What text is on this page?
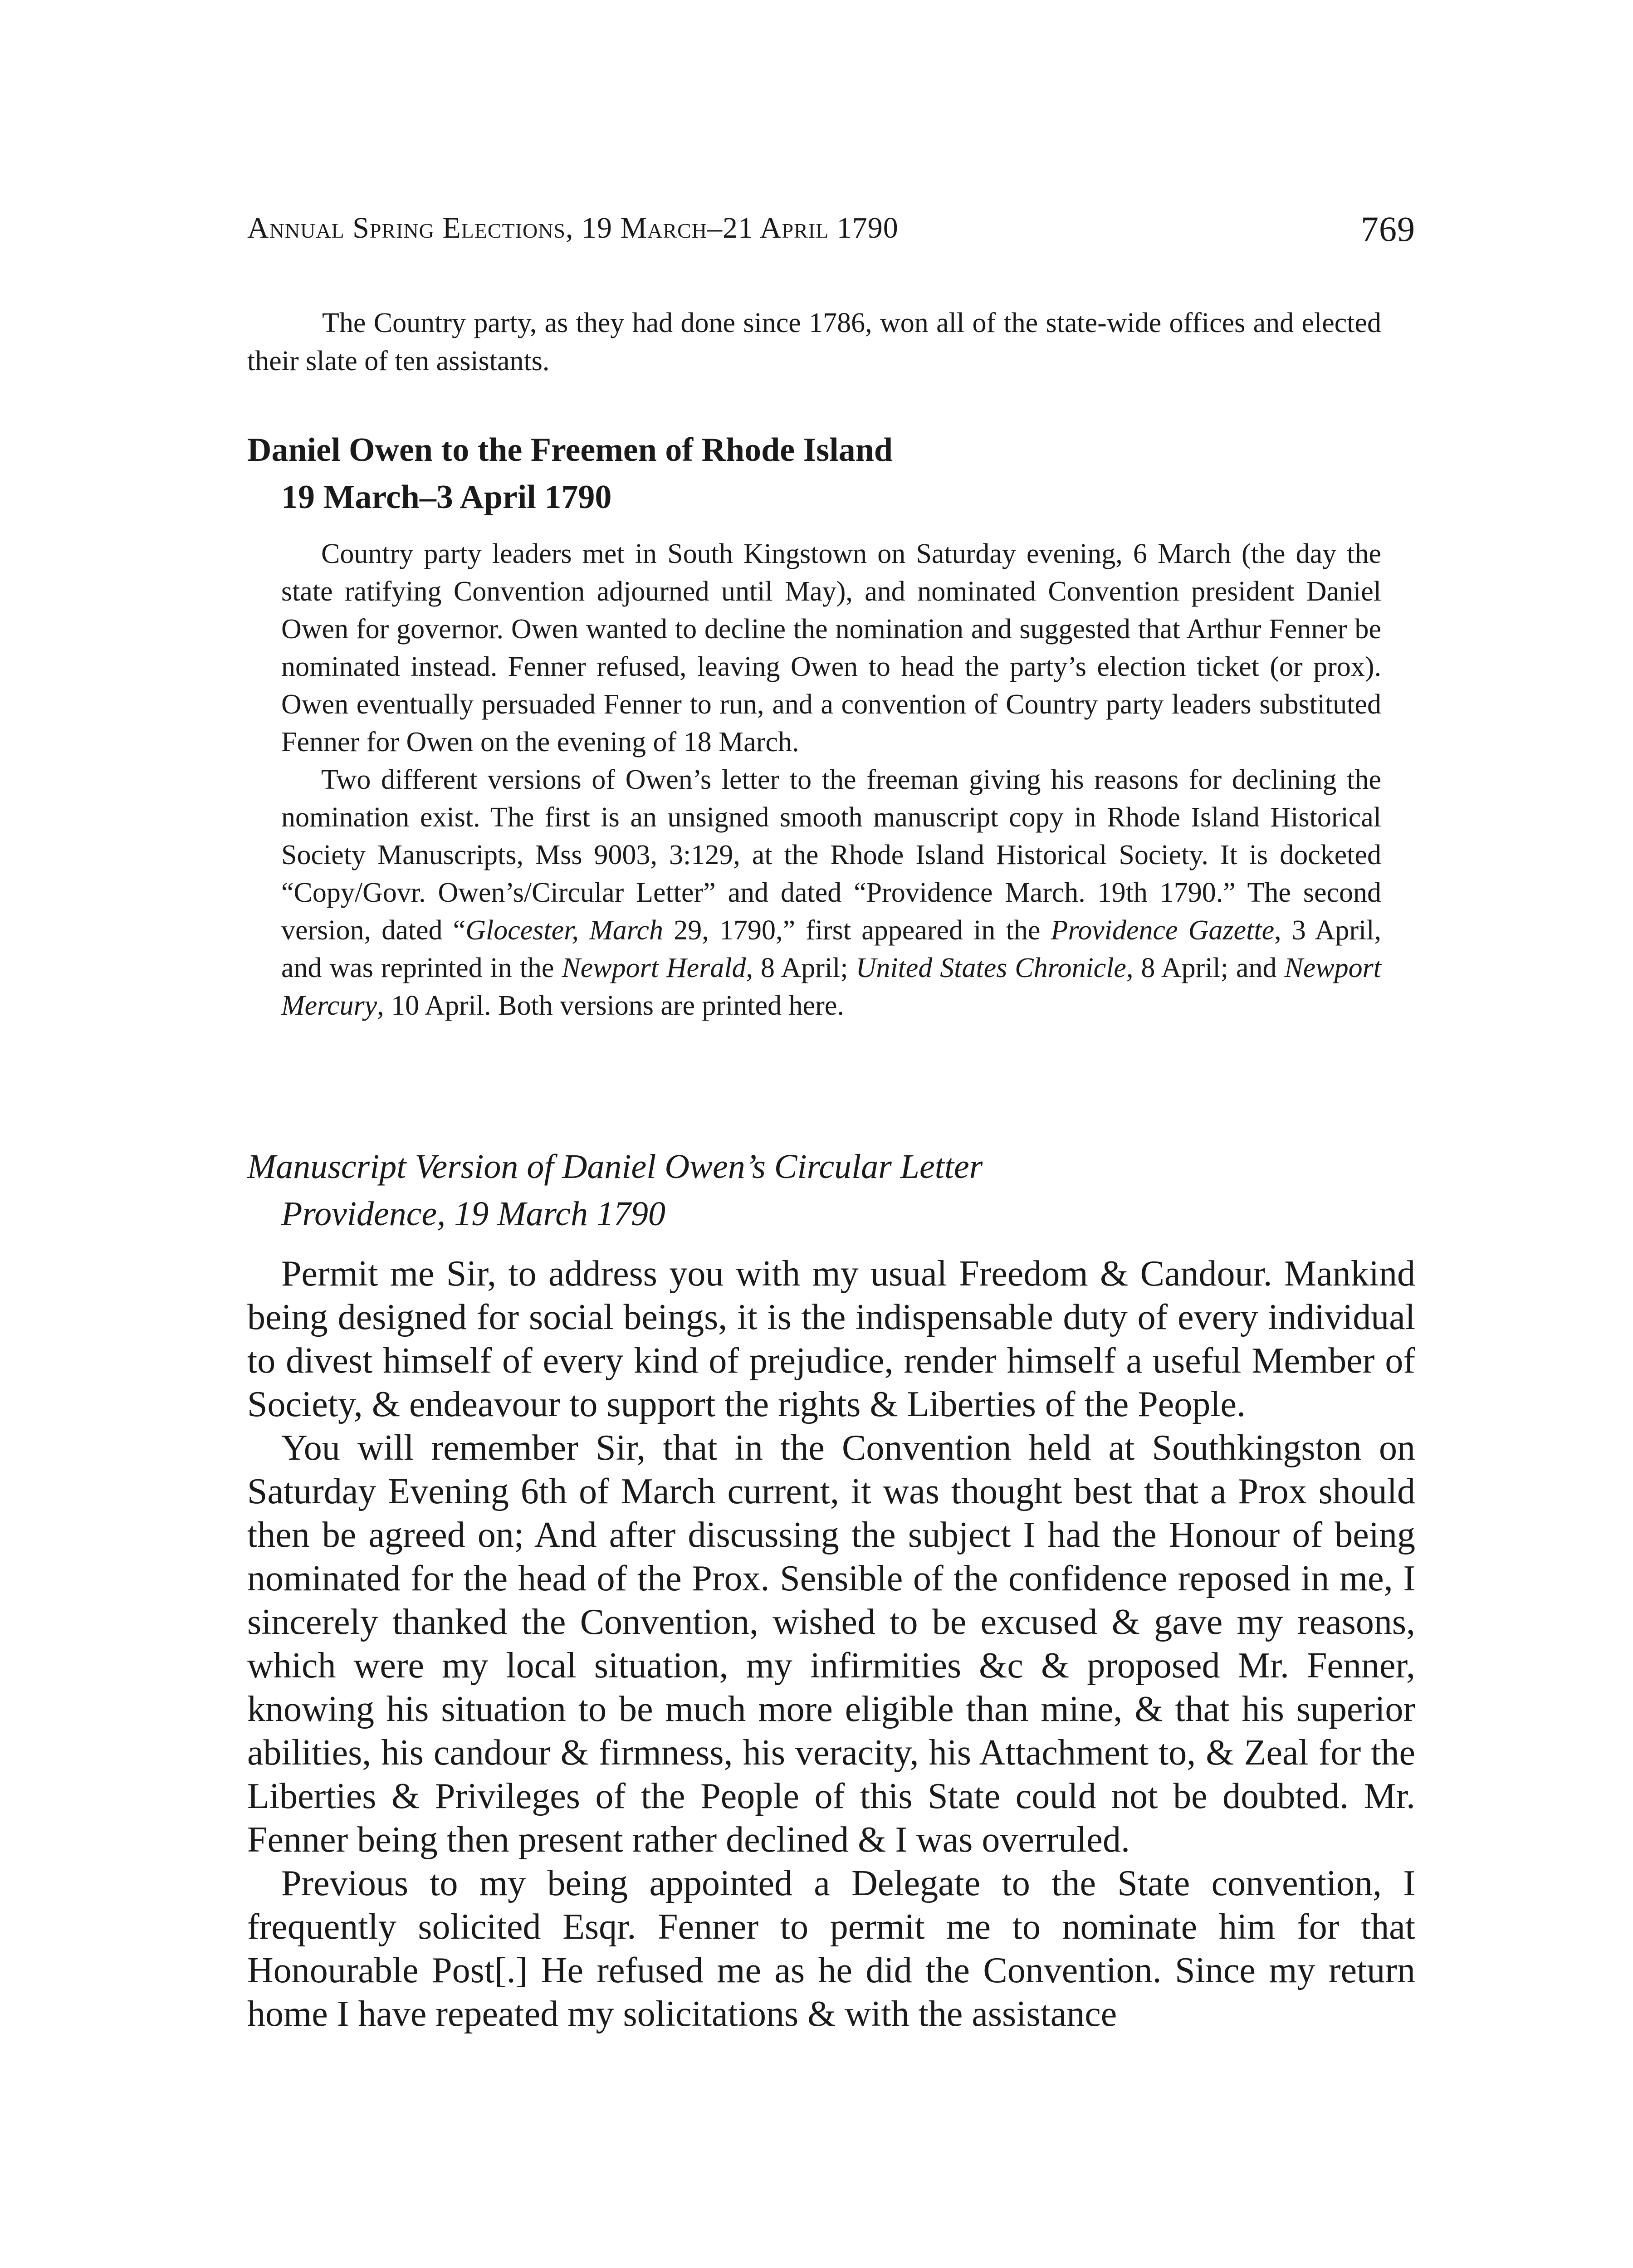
Annual Spring Elections, 19 March–21 April 1790	769

The Country party, as they had done since 1786, won all of the state-wide offices and elected their slate of ten assistants.

Daniel Owen to the Freemen of Rhode Island
19 March–3 April 1790

Country party leaders met in South Kingstown on Saturday evening, 6 March (the day the state ratifying Convention adjourned until May), and nominated Convention president Daniel Owen for governor. Owen wanted to decline the nomination and suggested that Arthur Fenner be nominated instead. Fenner refused, leaving Owen to head the party’s election ticket (or prox). Owen eventually persuaded Fenner to run, and a convention of Country party leaders substituted Fenner for Owen on the evening of 18 March.

Two different versions of Owen’s letter to the freeman giving his reasons for declining the nomination exist. The first is an unsigned smooth manuscript copy in Rhode Island Historical Society Manuscripts, Mss 9003, 3:129, at the Rhode Island Historical Society. It is docketed “Copy/Govr. Owen’s/Circular Letter” and dated “Providence March. 19th 1790.” The second version, dated “Glocester, March 29, 1790,” first appeared in the Providence Gazette, 3 April, and was reprinted in the Newport Herald, 8 April; United States Chronicle, 8 April; and Newport Mercury, 10 April. Both versions are printed here.

Manuscript Version of Daniel Owen’s Circular Letter
Providence, 19 March 1790

Permit me Sir, to address you with my usual Freedom & Candour. Mankind being designed for social beings, it is the indispensable duty of every individual to divest himself of every kind of prejudice, render himself a useful Member of Society, & endeavour to support the rights & Liberties of the People.

You will remember Sir, that in the Convention held at Southkingston on Saturday Evening 6th of March current, it was thought best that a Prox should then be agreed on; And after discussing the subject I had the Honour of being nominated for the head of the Prox. Sensible of the confidence reposed in me, I sincerely thanked the Convention, wished to be excused & gave my reasons, which were my local situation, my infirmities &c & proposed Mr. Fenner, knowing his situation to be much more eligible than mine, & that his superior abilities, his candour & firmness, his veracity, his Attachment to, & Zeal for the Liberties & Privileges of the People of this State could not be doubted. Mr. Fenner being then present rather declined & I was overruled.

Previous to my being appointed a Delegate to the State convention, I frequently solicited Esqr. Fenner to permit me to nominate him for that Honourable Post[.] He refused me as he did the Convention. Since my return home I have repeated my solicitations & with the assistance
